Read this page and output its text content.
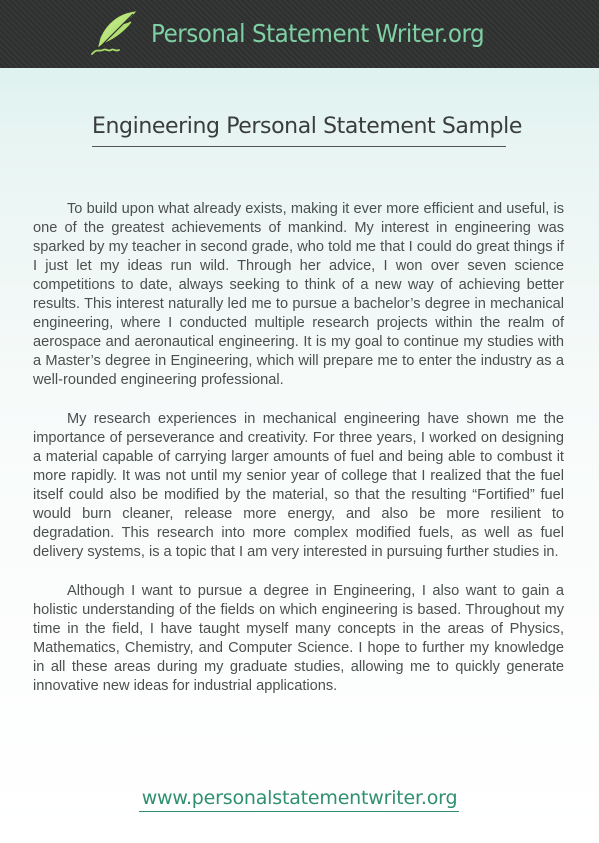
Personal Statement Writer.org
Engineering Personal Statement Sample

To build upon what already exists, making it ever more efficient and useful, is one of the greatest achievements of mankind. My interest in engineering was sparked by my teacher in second grade, who told me that I could do great things if I just let my ideas run wild. Through her advice, I won over seven science competitions to date, always seeking to think of a new way of achieving better results. This interest naturally led me to pursue a bachelor’s degree in mechanical engineering, where I conducted multiple research projects within the realm of aerospace and aeronautical engineering. It is my goal to continue my studies with a Master’s degree in Engineering, which will prepare me to enter the industry as a well-rounded engineering professional.

My research experiences in mechanical engineering have shown me the importance of perseverance and creativity. For three years, I worked on designing a material capable of carrying larger amounts of fuel and being able to combust it more rapidly. It was not until my senior year of college that I realized that the fuel itself could also be modified by the material, so that the resulting “Fortified” fuel would burn cleaner, release more energy, and also be more resilient to degradation. This research into more complex modified fuels, as well as fuel delivery systems, is a topic that I am very interested in pursuing further studies in.

Although I want to pursue a degree in Engineering, I also want to gain a holistic understanding of the fields on which engineering is based. Throughout my time in the field, I have taught myself many concepts in the areas of Physics, Mathematics, Chemistry, and Computer Science. I hope to further my knowledge in all these areas during my graduate studies, allowing me to quickly generate innovative new ideas for industrial applications.

www.personalstatementwriter.org
